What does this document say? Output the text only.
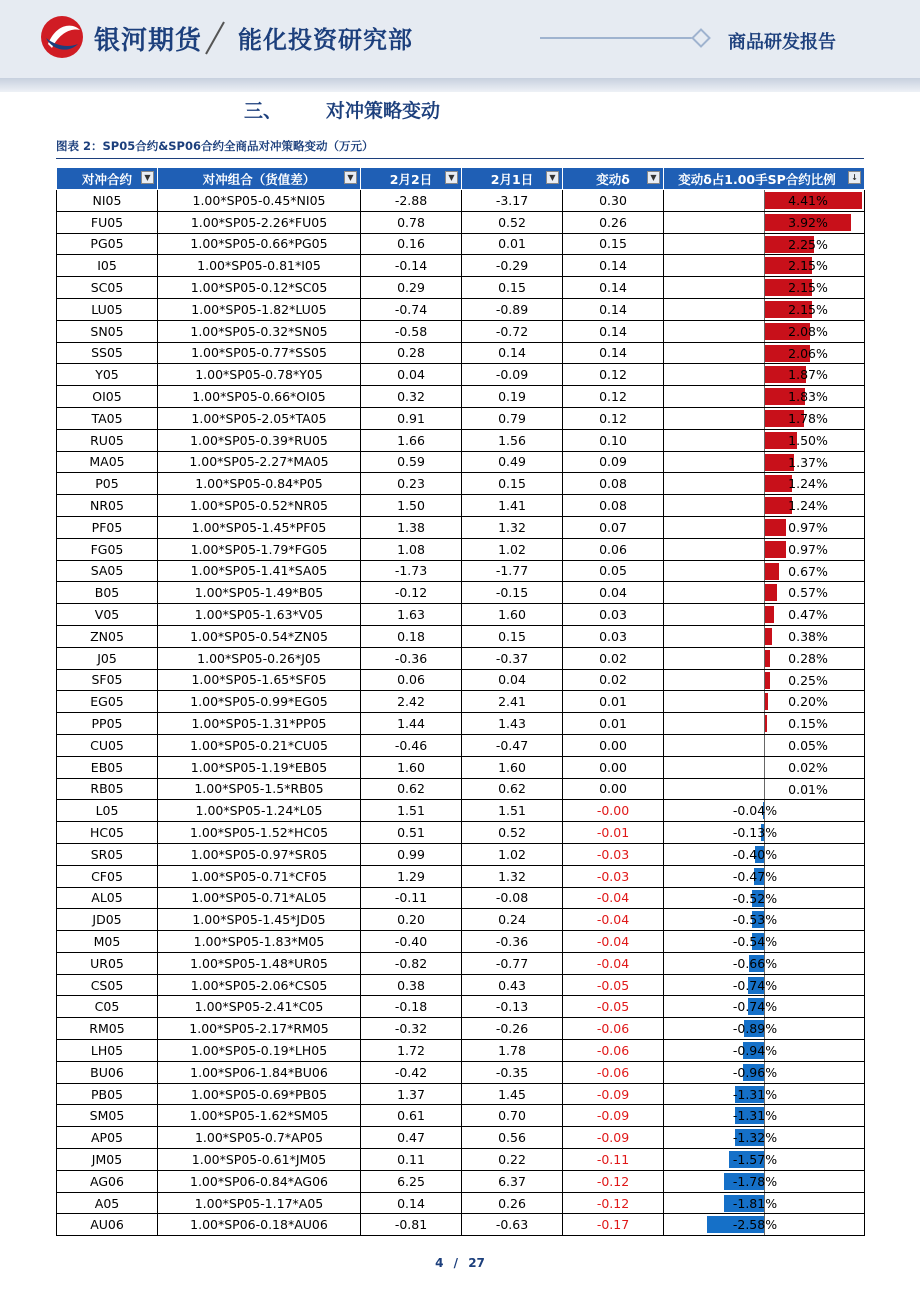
银河期货 能化投资研究部	商品研发报告
三、 对冲策略变动
图表 2：SP05合约&SP06合约全商品对冲策略变动（万元）
对冲合约 ▼	对冲组合（货值差） ▼	2月2日 ▼	2月1日 ▼	变动δ ▼	变动δ占1.00手SP合约比例 ↓

NI05	1.00*SP05-0.45*NI05	-2.88	-3.17	0.30	4.41%

FU05	1.00*SP05-2.26*FU05	0.78	0.52	0.26	3.92%

PG05	1.00*SP05-0.66*PG05	0.16	0.01	0.15	2.25%

I05	1.00*SP05-0.81*I05	-0.14	-0.29	0.14	2.15%

SC05	1.00*SP05-0.12*SC05	0.29	0.15	0.14	2.15%

LU05	1.00*SP05-1.82*LU05	-0.74	-0.89	0.14	2.15%

SN05	1.00*SP05-0.32*SN05	-0.58	-0.72	0.14	2.08%

SS05	1.00*SP05-0.77*SS05	0.28	0.14	0.14	2.06%

Y05	1.00*SP05-0.78*Y05	0.04	-0.09	0.12	1.87%

OI05	1.00*SP05-0.66*OI05	0.32	0.19	0.12	1.83%

TA05	1.00*SP05-2.05*TA05	0.91	0.79	0.12	1.78%

RU05	1.00*SP05-0.39*RU05	1.66	1.56	0.10	1.50%

MA05	1.00*SP05-2.27*MA05	0.59	0.49	0.09	1.37%

P05	1.00*SP05-0.84*P05	0.23	0.15	0.08	1.24%

NR05	1.00*SP05-0.52*NR05	1.50	1.41	0.08	1.24%

PF05	1.00*SP05-1.45*PF05	1.38	1.32	0.07	0.97%

FG05	1.00*SP05-1.79*FG05	1.08	1.02	0.06	0.97%

SA05	1.00*SP05-1.41*SA05	-1.73	-1.77	0.05	0.67%

B05	1.00*SP05-1.49*B05	-0.12	-0.15	0.04	0.57%

V05	1.00*SP05-1.63*V05	1.63	1.60	0.03	0.47%

ZN05	1.00*SP05-0.54*ZN05	0.18	0.15	0.03	0.38%

J05	1.00*SP05-0.26*J05	-0.36	-0.37	0.02	0.28%

SF05	1.00*SP05-1.65*SF05	0.06	0.04	0.02	0.25%

EG05	1.00*SP05-0.99*EG05	2.42	2.41	0.01	0.20%

PP05	1.00*SP05-1.31*PP05	1.44	1.43	0.01	0.15%

CU05	1.00*SP05-0.21*CU05	-0.46	-0.47	0.00	0.05%

EB05	1.00*SP05-1.19*EB05	1.60	1.60	0.00	0.02%

RB05	1.00*SP05-1.5*RB05	0.62	0.62	0.00	0.01%

L05	1.00*SP05-1.24*L05	1.51	1.51	-0.00	-0.04%

HC05	1.00*SP05-1.52*HC05	0.51	0.52	-0.01	-0.13%

SR05	1.00*SP05-0.97*SR05	0.99	1.02	-0.03	-0.40%

CF05	1.00*SP05-0.71*CF05	1.29	1.32	-0.03	-0.47%

AL05	1.00*SP05-0.71*AL05	-0.11	-0.08	-0.04	-0.52%

JD05	1.00*SP05-1.45*JD05	0.20	0.24	-0.04	-0.53%

M05	1.00*SP05-1.83*M05	-0.40	-0.36	-0.04	-0.54%

UR05	1.00*SP05-1.48*UR05	-0.82	-0.77	-0.04	-0.66%

CS05	1.00*SP05-2.06*CS05	0.38	0.43	-0.05	-0.74%

C05	1.00*SP05-2.41*C05	-0.18	-0.13	-0.05	-0.74%

RM05	1.00*SP05-2.17*RM05	-0.32	-0.26	-0.06	-0.89%

LH05	1.00*SP05-0.19*LH05	1.72	1.78	-0.06	-0.94%

BU06	1.00*SP06-1.84*BU06	-0.42	-0.35	-0.06	-0.96%

PB05	1.00*SP05-0.69*PB05	1.37	1.45	-0.09	-1.31%

SM05	1.00*SP05-1.62*SM05	0.61	0.70	-0.09	-1.31%

AP05	1.00*SP05-0.7*AP05	0.47	0.56	-0.09	-1.32%

JM05	1.00*SP05-0.61*JM05	0.11	0.22	-0.11	-1.57%

AG06	1.00*SP06-0.84*AG06	6.25	6.37	-0.12	-1.78%

A05	1.00*SP05-1.17*A05	0.14	0.26	-0.12	-1.81%

AU06	1.00*SP06-0.18*AU06	-0.81	-0.63	-0.17	-2.58%
4 / 27
